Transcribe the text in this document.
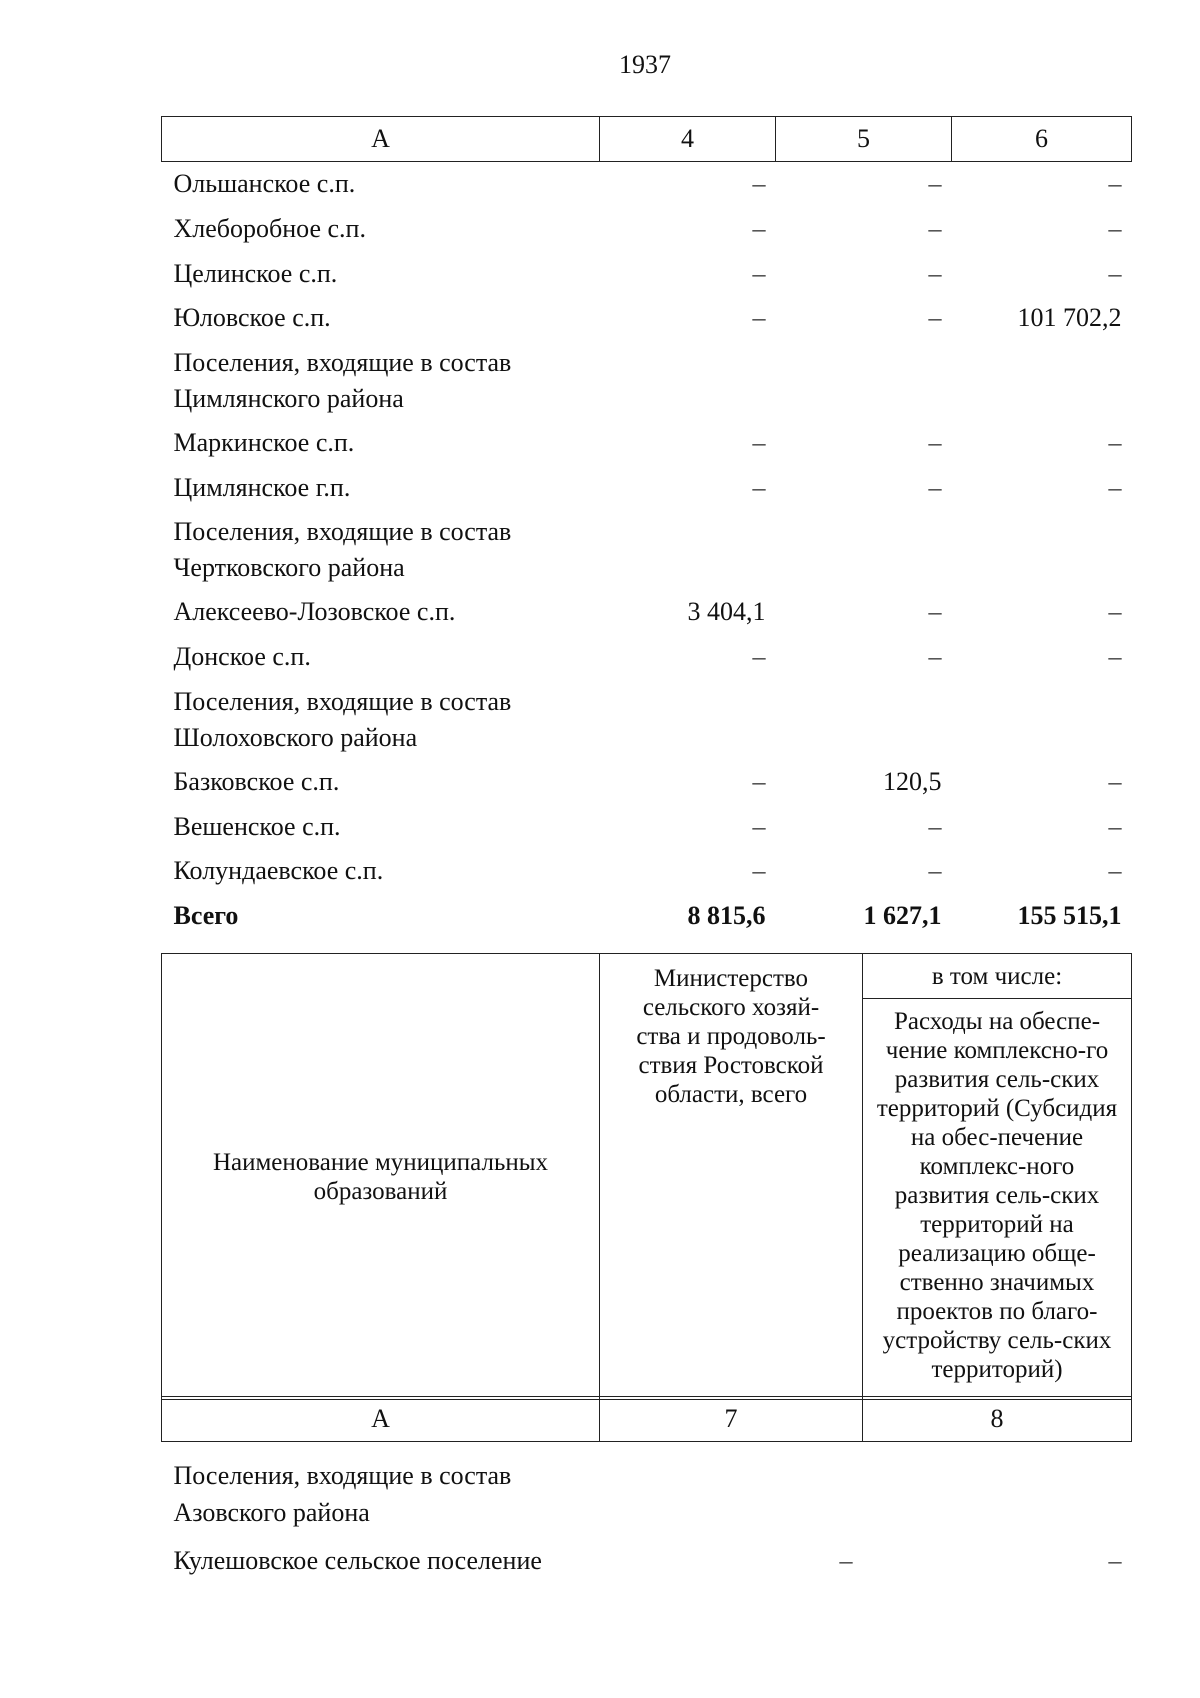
1937
А	4	5	6
Ольшанское с.п.	–	–	–
Хлеборобное с.п.	–	–	–
Целинское с.п.	–	–	–
Юловское с.п.	–	–	101 702,2

Поселения, входящие в состав
Цимлянского района			

Маркинское с.п.	–	–	–
Цимлянское г.п.	–	–	–

Поселения, входящие в состав
Чертковского района			

Алексеево-Лозовское с.п.	3 404,1	–	–
Донское с.п.	–	–	–

Поселения, входящие в состав
Шолоховского района			

Базковское с.п.	–	120,5	–
Вешенское с.п.	–	–	–
Колундаевское с.п.	–	–	–
Всего	8 815,6	1 627,1	155 515,1
Наименование муниципальных образований	Министерство сельского хозяй-ства и продоволь-ствия Ростовской области, всего	в том числе:
Расходы на обеспе-чение комплексно-го развития сель-ских территорий (Субсидия на обес-печение комплекс-ного развития сель-ских территорий на реализацию обще-ственно значимых проектов по благо-устройству сель-ских территорий)
А	7	8

Поселения, входящие в состав
Азовского района		

Кулешовское сельское поселение	–	–
